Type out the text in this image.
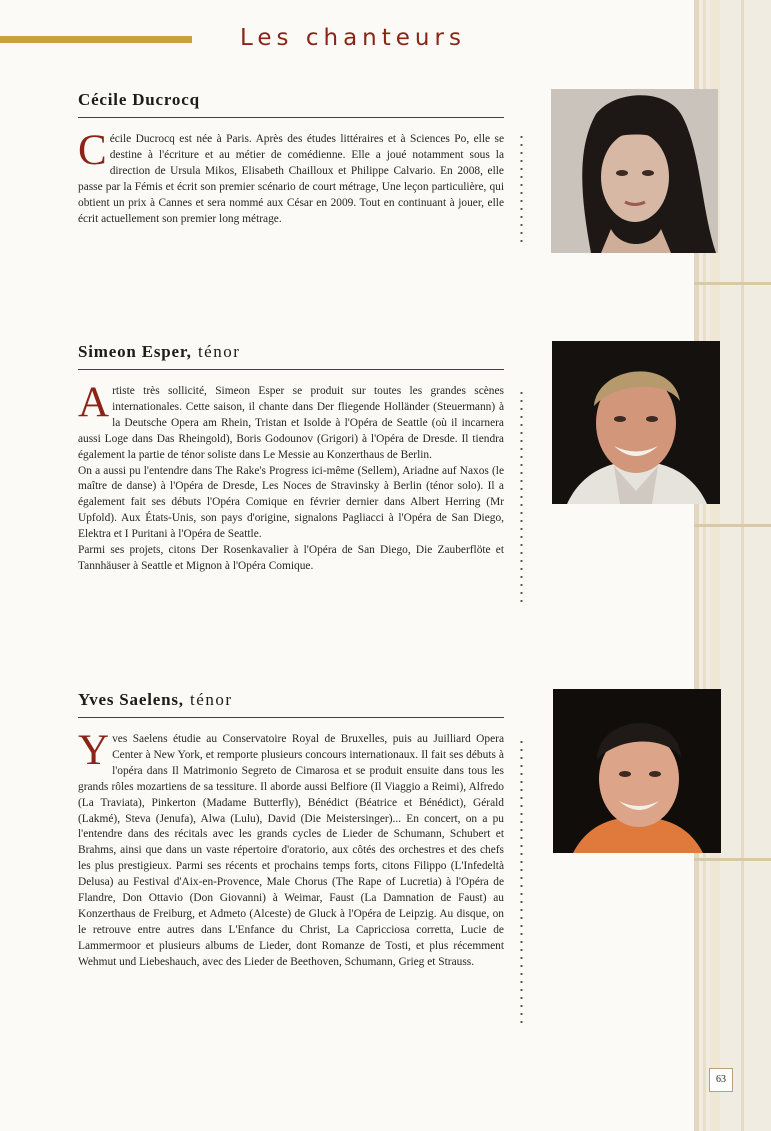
Les chanteurs
Cécile Ducrocq
C écile Ducrocq est née à Paris. Après des études littéraires et à Sciences Po, elle se destine à l'écriture et au métier de comédienne. Elle a joué notamment sous la direction de Ursula Mikos, Elisabeth Chailloux et Philippe Calvario. En 2008, elle passe par la Fémis et écrit son premier scénario de court métrage, Une leçon particulière, qui obtient un prix à Cannes et sera nommé aux César en 2009. Tout en continuant à jouer, elle écrit actuellement son premier long métrage.

Simeon Esper, ténor
A rtiste très sollicité, Simeon Esper se produit sur toutes les grandes scènes internationales. Cette saison, il chante dans Der fliegende Holländer (Steuermann) à la Deutsche Opera am Rhein, Tristan et Isolde à l'Opéra de Seattle (où il incarnera aussi Loge dans Das Rheingold), Boris Godounov (Grigori) à l'Opéra de Dresde. Il tiendra également la partie de ténor soliste dans Le Messie au Konzerthaus de Berlin.

On a aussi pu l'entendre dans The Rake's Progress ici-même (Sellem), Ariadne auf Naxos (le maître de danse) à l'Opéra de Dresde, Les Noces de Stravinsky à Berlin (ténor solo). Il a également fait ses débuts l'Opéra Comique en février dernier dans Albert Herring (Mr Upfold). Aux États-Unis, son pays d'origine, signalons Pagliacci à l'Opéra de San Diego, Elektra et I Puritani à l'Opéra de Seattle.

Parmi ses projets, citons Der Rosenkavalier à l'Opéra de San Diego, Die Zauberflöte et Tannhäuser à Seattle et Mignon à l'Opéra Comique.

Yves Saelens, ténor
Y ves Saelens étudie au Conservatoire Royal de Bruxelles, puis au Juilliard Opera Center à New York, et remporte plusieurs concours internationaux. Il fait ses débuts à l'opéra dans Il Matrimonio Segreto de Cimarosa et se produit ensuite dans tous les grands rôles mozartiens de sa tessiture. Il aborde aussi Belfiore (Il Viaggio a Reimi), Alfredo (La Traviata), Pinkerton (Madame Butterfly), Bénédict (Béatrice et Bénédict), Gérald (Lakmé), Steva (Jenufa), Alwa (Lulu), David (Die Meistersinger)... En concert, on a pu l'entendre dans des récitals avec les grands cycles de Lieder de Schumann, Schubert et Brahms, ainsi que dans un vaste répertoire d'oratorio, aux côtés des orchestres et des chefs les plus prestigieux. Parmi ses récents et prochains temps forts, citons Filippo (L'Infedeltà Delusa) au Festival d'Aix-en-Provence, Male Chorus (The Rape of Lucretia) à l'Opéra de Flandre, Don Ottavio (Don Giovanni) à Weimar, Faust (La Damnation de Faust) au Konzerthaus de Freiburg, et Admeto (Alceste) de Gluck à l'Opéra de Leipzig. Au disque, on le retrouve entre autres dans L'Enfance du Christ, La Capricciosa corretta, Lucie de Lammermoor et plusieurs albums de Lieder, dont Romanze de Tosti, et plus récemment Wehmut und Liebeshauch, avec des Lieder de Beethoven, Schumann, Grieg et Strauss.

63
